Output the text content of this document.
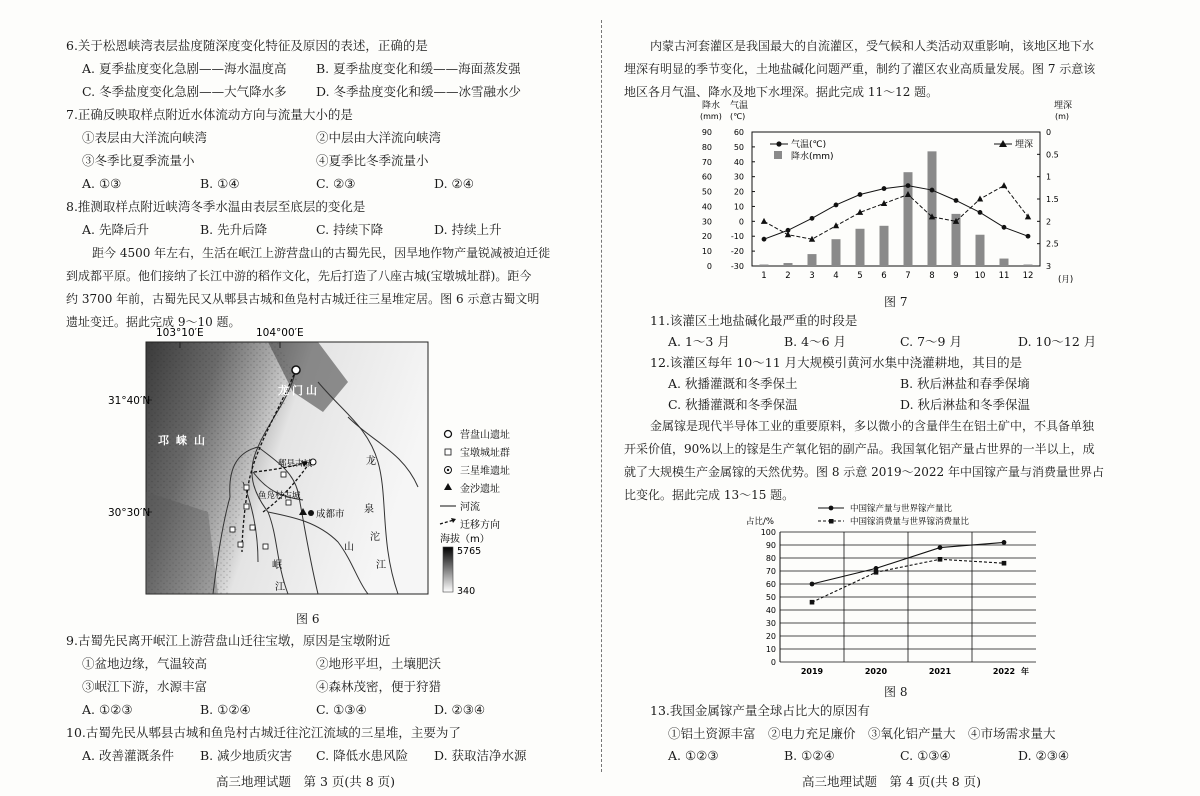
6.关于松恩峡湾表层盐度随深度变化特征及原因的表述，正确的是
A. 夏季盐度变化急剧——海水温度高 B. 夏季盐度变化和缓——海面蒸发强
C. 冬季盐度变化急剧——大气降水多 D. 冬季盐度变化和缓——冰雪融水少
7.正确反映取样点附近水体流动方向与流量大小的是
①表层由大洋流向峡湾	②中层由大洋流向峡湾
③冬季比夏季流量小	④夏季比冬季流量小
A. ①③	B. ①④	C. ②③	D. ②④
8.推测取样点附近峡湾冬季水温由表层至底层的变化是
A. 先降后升	B. 先升后降	C. 持续下降	D. 持续上升
距今 4500 年左右，生活在岷江上游营盘山的古蜀先民，因旱地作物产量锐减被迫迁徙
到成都平原。他们接纳了长江中游的稻作文化，先后打造了八座古城(宝墩城址群)。距今
约 3700 年前，古蜀先民又从郫县古城和鱼凫村古城迁往三星堆定居。图 6 示意古蜀文明
遗址变迁。据此完成 9～10 题。
103°10′E	104°00′E
31°40′N
30°30′N
龙 门 山
邛 崃 山
龙
泉
山
岷
江
沱
江
郫县古城
鱼凫村古城
成都市
营盘山遗址
宝墩城址群
三星堆遗址
金沙遗址
河流
迁移方向
海拔（m）
5765
340
图 6
9.古蜀先民离开岷江上游营盘山迁往宝墩，原因是宝墩附近
①盆地边缘，气温较高	②地形平坦，土壤肥沃
③岷江下游，水源丰富	④森林茂密，便于狩猎
A. ①②③	B. ①②④	C. ①③④	D. ②③④
10.古蜀先民从郫县古城和鱼凫村古城迁往沱江流域的三星堆，主要为了
A. 改善灌溉条件 B. 减少地质灾害 C. 降低水患风险 D. 获取洁净水源
高三地理试题　第 3 页(共 8 页)
内蒙古河套灌区是我国最大的自流灌区，受气候和人类活动双重影响，该地区地下水
埋深有明显的季节变化，土地盐碱化问题严重，制约了灌区农业高质量发展。图 7 示意该
地区各月气温、降水及地下水埋深。据此完成 11～12 题。
降水
(mm)
气温
(℃)
埋深
(m)
(月)
0
10
20
30
40
50
60
70
80
90
-30
-20
-10
0
10
20
30
40
50
60
3
2.5
2
1.5
1
0.5
0
1 2 3 4 5 6 7 8 9 10 11 12
气温(℃)
降水(mm)
埋深
图 7
11.该灌区土地盐碱化最严重的时段是
A. 1～3 月	B. 4～6 月	C. 7～9 月	D. 10～12 月
12.该灌区每年 10～11 月大规模引黄河水集中浇灌耕地，其目的是
A. 秋播灌溉和冬季保土	B. 秋后淋盐和春季保墒
C. 秋播灌溉和冬季保温	D. 秋后淋盐和冬季保温
金属镓是现代半导体工业的重要原料，多以微小的含量伴生在铝土矿中，不具备单独
开采价值，90%以上的镓是生产氧化铝的副产品。我国氧化铝产量占世界的一半以上，成
就了大规模生产金属镓的天然优势。图 8 示意 2019～2022 年中国镓产量与消费量世界占
比变化。据此完成 13～15 题。
中国镓产量与世界镓产量比
中国镓消费量与世界镓消费量比
占比/%
0
10
20
30
40
50
60
70
80
90
100
2019	2020	2021	2022 年
图 8
13.我国金属镓产量全球占比大的原因有
①铝土资源丰富 ②电力充足廉价 ③氧化铝产量大 ④市场需求量大
A. ①②③	B. ①②④	C. ①③④	D. ②③④
高三地理试题　第 4 页(共 8 页)
